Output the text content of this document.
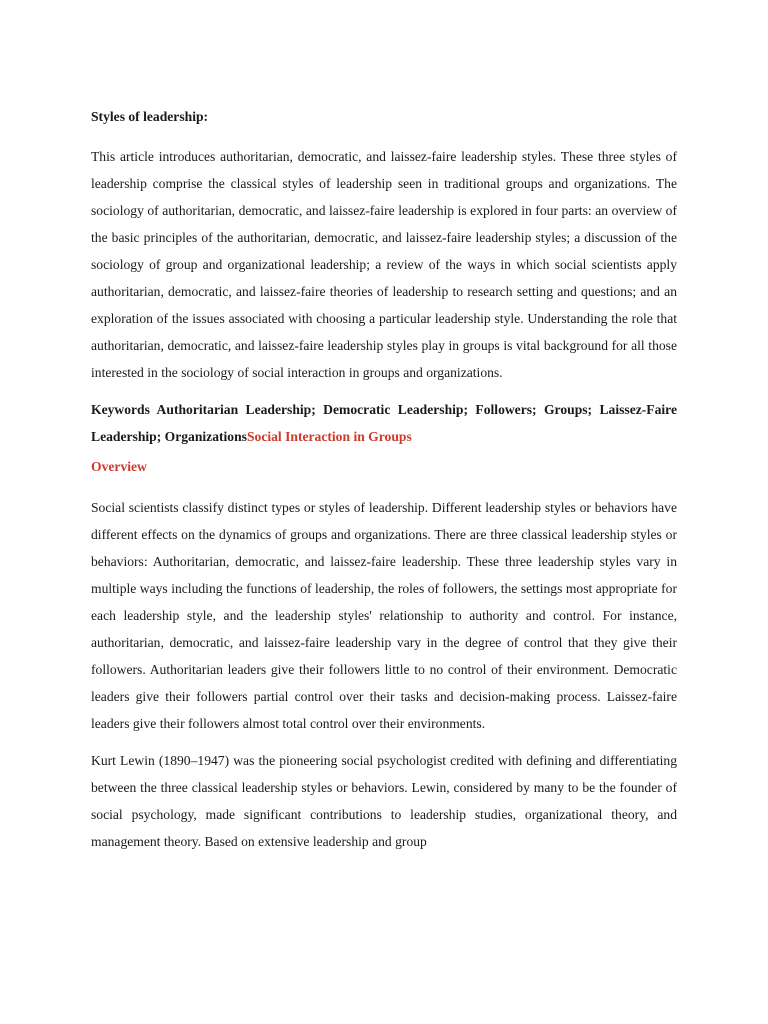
Styles of leadership:

This article introduces authoritarian, democratic, and laissez-faire leadership styles. These three styles of leadership comprise the classical styles of leadership seen in traditional groups and organizations. The sociology of authoritarian, democratic, and laissez-faire leadership is explored in four parts: an overview of the basic principles of the authoritarian, democratic, and laissez-faire leadership styles; a discussion of the sociology of group and organizational leadership; a review of the ways in which social scientists apply authoritarian, democratic, and laissez-faire theories of leadership to research setting and questions; and an exploration of the issues associated with choosing a particular leadership style. Understanding the role that authoritarian, democratic, and laissez-faire leadership styles play in groups is vital background for all those interested in the sociology of social interaction in groups and organizations.

Keywords Authoritarian Leadership; Democratic Leadership; Followers; Groups; Laissez-Faire Leadership; OrganizationsSocial Interaction in Groups
Overview

Social scientists classify distinct types or styles of leadership. Different leadership styles or behaviors have different effects on the dynamics of groups and organizations. There are three classical leadership styles or behaviors: Authoritarian, democratic, and laissez-faire leadership. These three leadership styles vary in multiple ways including the functions of leadership, the roles of followers, the settings most appropriate for each leadership style, and the leadership styles' relationship to authority and control. For instance, authoritarian, democratic, and laissez-faire leadership vary in the degree of control that they give their followers. Authoritarian leaders give their followers little to no control of their environment. Democratic leaders give their followers partial control over their tasks and decision-making process. Laissez-faire leaders give their followers almost total control over their environments.

Kurt Lewin (1890–1947) was the pioneering social psychologist credited with defining and differentiating between the three classical leadership styles or behaviors. Lewin, considered by many to be the founder of social psychology, made significant contributions to leadership studies, organizational theory, and management theory. Based on extensive leadership and group
